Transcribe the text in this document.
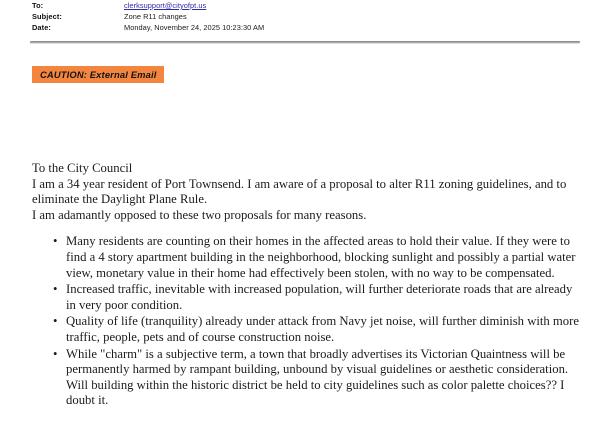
To:	clerksupport@cityofpt.us
Subject:	Zone R11 changes
Date:	Monday, November 24, 2025 10:23:30 AM
CAUTION: External Email

To the City Council

I am a 34 year resident of Port Townsend. I am aware of a proposal to alter R11 zoning guidelines, and to eliminate the Daylight Plane Rule.

I am adamantly opposed to these two proposals for many reasons.

• Many residents are counting on their homes in the affected areas to hold their value. If they were to find a 4 story apartment building in the neighborhood, blocking sunlight and possibly a partial water view, monetary value in their home had effectively been stolen, with no way to be compensated.
• Increased traffic, inevitable with increased population, will further deteriorate roads that are already in very poor condition.
• Quality of life (tranquility) already under attack from Navy jet noise, will further diminish with more traffic, people, pets and of course construction noise.
• While "charm" is a subjective term, a town that broadly advertises its Victorian Quaintness will be permanently harmed by rampant building, unbound by visual guidelines or aesthetic consideration. Will building within the historic district be held to city guidelines such as color palette choices?? I doubt it.
